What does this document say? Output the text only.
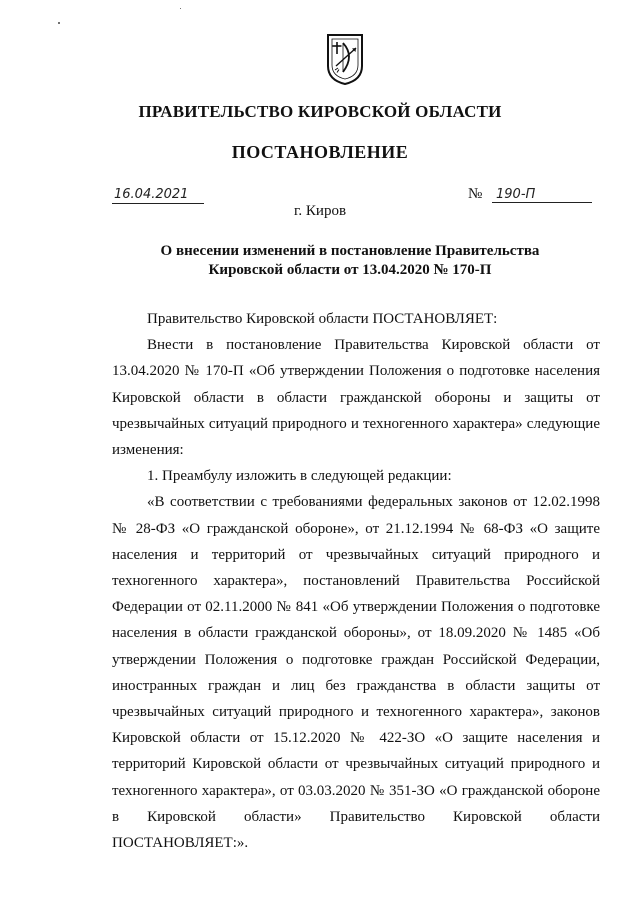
ПРАВИТЕЛЬСТВО КИРОВСКОЙ ОБЛАСТИ
ПОСТАНОВЛЕНИЕ
16.04.2021	№	190-П
г. Киров
О внесении изменений в постановление Правительства
Кировской области от 13.04.2020 № 170-П

Правительство Кировской области ПОСТАНОВЛЯЕТ:

Внести в постановление Правительства Кировской области от 13.04.2020 № 170-П «Об утверждении Положения о подготовке населения Кировской области в области гражданской обороны и защиты от чрезвычайных ситуаций природного и техногенного характера» следующие изменения:

1. Преамбулу изложить в следующей редакции:

«В соответствии с требованиями федеральных законов от 12.02.1998 № 28-ФЗ «О гражданской обороне», от 21.12.1994 № 68-ФЗ «О защите населения и территорий от чрезвычайных ситуаций природного и техногенного характера», постановлений Правительства Российской Федерации от 02.11.2000 № 841 «Об утверждении Положения о подготовке населения в области гражданской обороны», от 18.09.2020 № 1485 «Об утверждении Положения о подготовке граждан Российской Федерации, иностранных граждан и лиц без гражданства в области защиты от чрезвычайных ситуаций природного и техногенного характера», законов Кировской области от 15.12.2020 № 422-ЗО «О защите населения и территорий Кировской области от чрезвычайных ситуаций природного и техногенного характера», от 03.03.2020 № 351-ЗО «О гражданской обороне в Кировской области» Правительство Кировской области ПОСТАНОВЛЯЕТ:».
